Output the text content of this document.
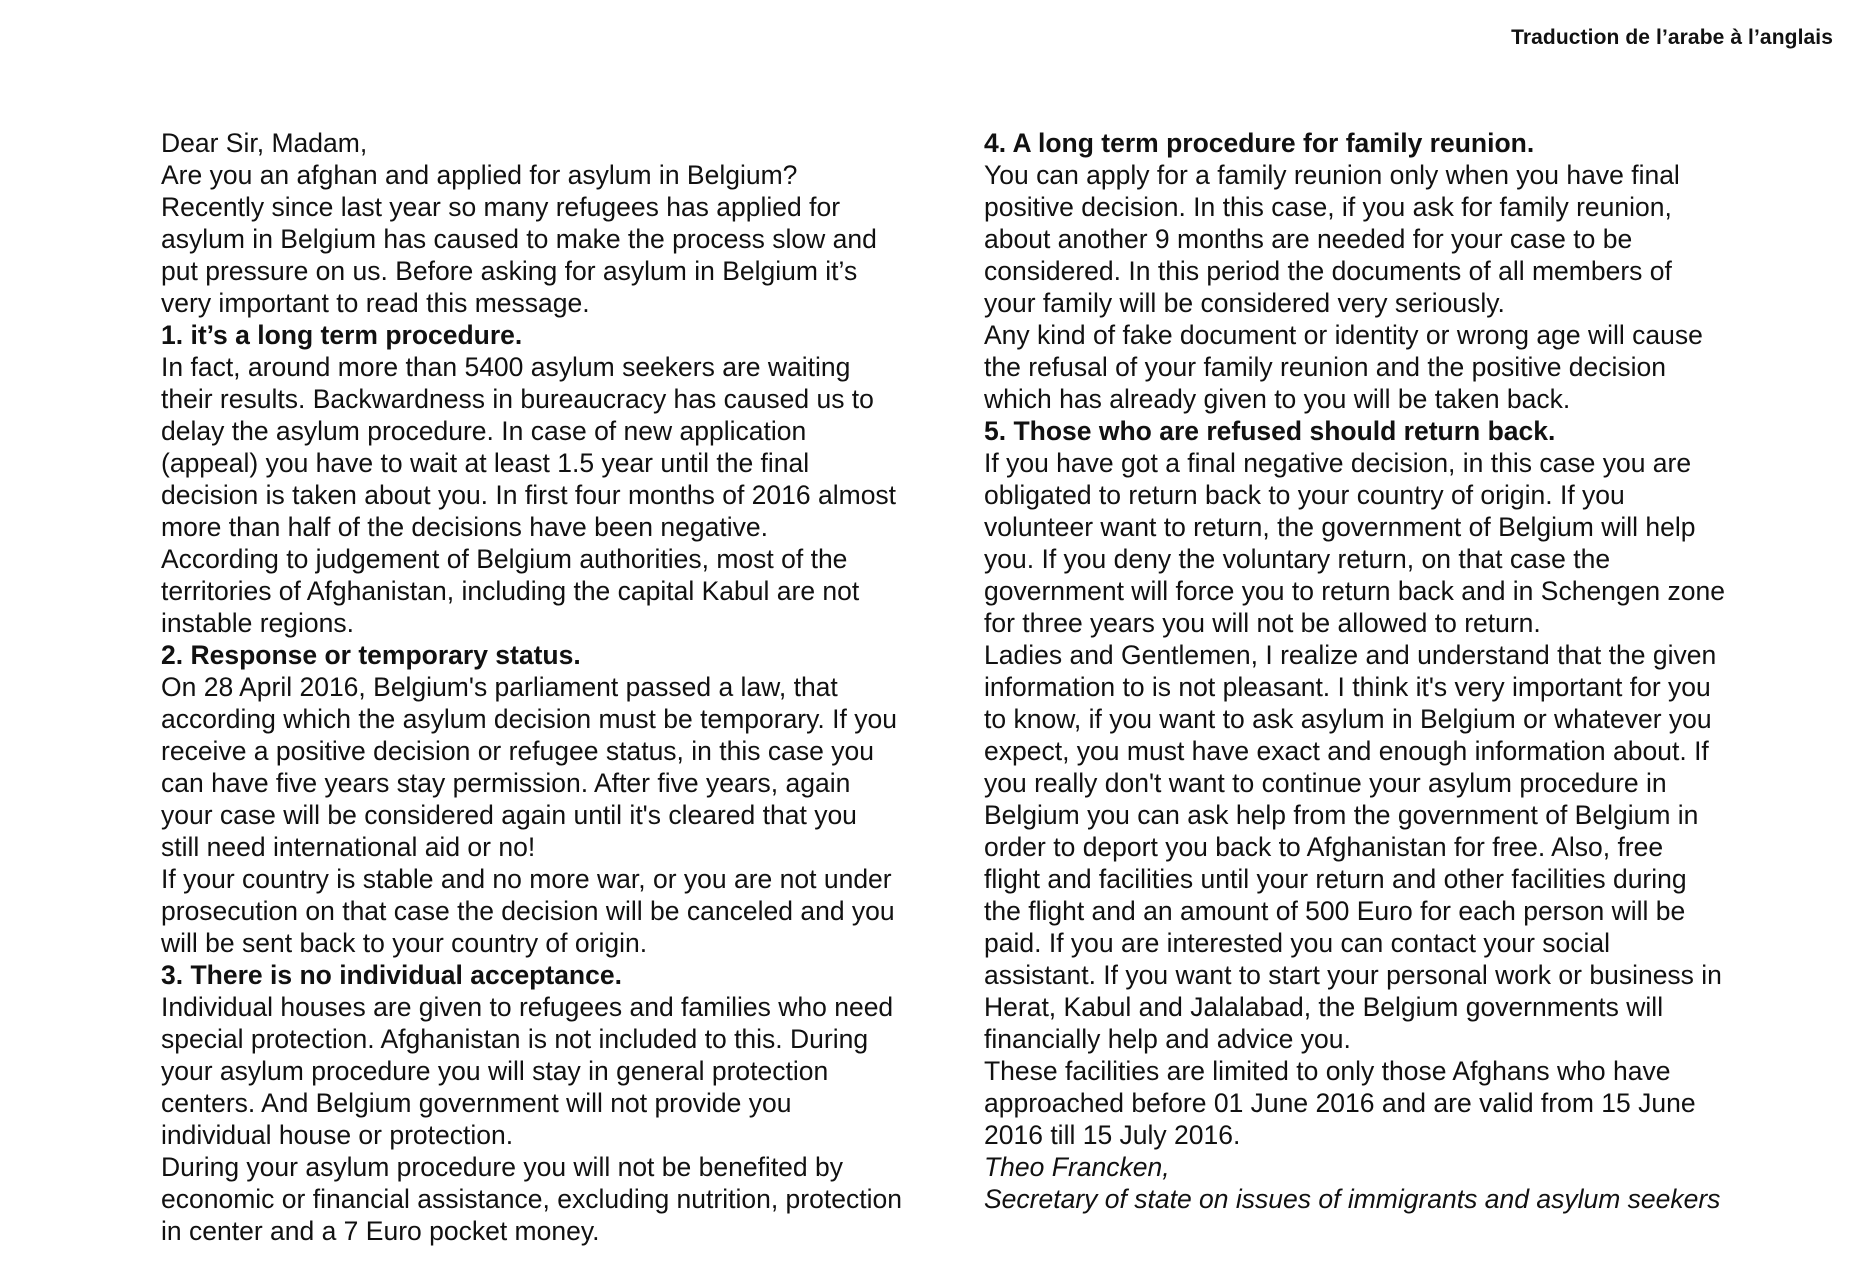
Traduction de l’arabe à l’anglais

Dear Sir, Madam,

Are you an afghan and applied for asylum in Belgium?
Recently since last year so many refugees has applied for
asylum in Belgium has caused to make the process slow and
put pressure on us. Before asking for asylum in Belgium it’s
very important to read this message.

1. it’s a long term procedure.

In fact, around more than 5400 asylum seekers are waiting
their results. Backwardness in bureaucracy has caused us to
delay the asylum procedure. In case of new application
(appeal) you have to wait at least 1.5 year until the final
decision is taken about you. In first four months of 2016 almost
more than half of the decisions have been negative.

According to judgement of Belgium authorities, most of the
territories of Afghanistan, including the capital Kabul are not
instable regions.

2. Response or temporary status.

On 28 April 2016, Belgium's parliament passed a law, that
according which the asylum decision must be temporary. If you
receive a positive decision or refugee status, in this case you
can have five years stay permission. After five years, again
your case will be considered again until it's cleared that you
still need international aid or no!

If your country is stable and no more war, or you are not under
prosecution on that case the decision will be canceled and you
will be sent back to your country of origin.

3. There is no individual acceptance.

Individual houses are given to refugees and families who need
special protection. Afghanistan is not included to this. During
your asylum procedure you will stay in general protection
centers. And Belgium government will not provide you
individual house or protection.

During your asylum procedure you will not be benefited by
economic or financial assistance, excluding nutrition, protection
in center and a 7 Euro pocket money.

4. A long term procedure for family reunion.

You can apply for a family reunion only when you have final
positive decision. In this case, if you ask for family reunion,
about another 9 months are needed for your case to be
considered. In this period the documents of all members of
your family will be considered very seriously.

Any kind of fake document or identity or wrong age will cause
the refusal of your family reunion and the positive decision
which has already given to you will be taken back.

5. Those who are refused should return back.

If you have got a final negative decision, in this case you are
obligated to return back to your country of origin. If you
volunteer want to return, the government of Belgium will help
you. If you deny the voluntary return, on that case the
government will force you to return back and in Schengen zone
for three years you will not be allowed to return.

Ladies and Gentlemen, I realize and understand that the given
information to is not pleasant. I think it's very important for you
to know, if you want to ask asylum in Belgium or whatever you
expect, you must have exact and enough information about. If
you really don't want to continue your asylum procedure in
Belgium you can ask help from the government of Belgium in
order to deport you back to Afghanistan for free. Also, free
flight and facilities until your return and other facilities during
the flight and an amount of 500 Euro for each person will be
paid. If you are interested you can contact your social
assistant. If you want to start your personal work or business in
Herat, Kabul and Jalalabad, the Belgium governments will
financially help and advice you.

These facilities are limited to only those Afghans who have
approached before 01 June 2016 and are valid from 15 June
2016 till 15 July 2016.

Theo Francken,

Secretary of state on issues of immigrants and asylum seekers
